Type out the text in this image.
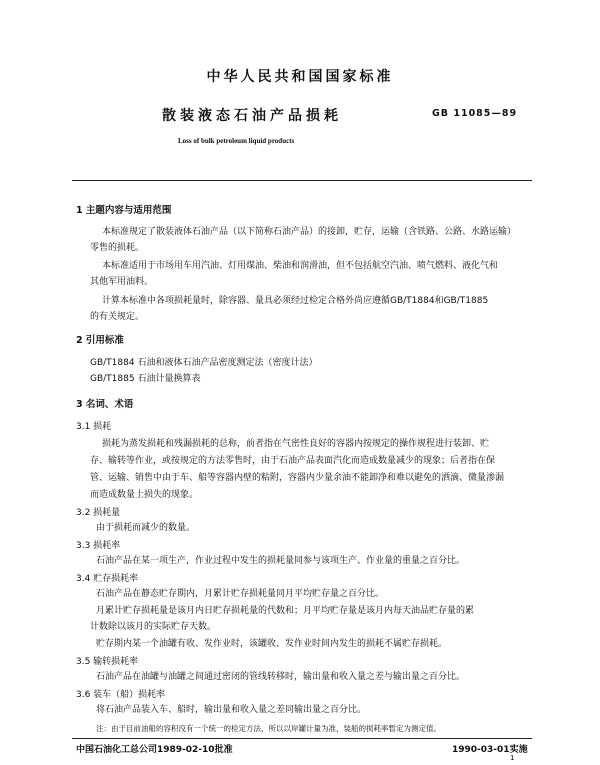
中华人民共和国国家标准
散装液态石油产品损耗	GB 11085—89
Loss of bulk petroleum liquid products
1 主题内容与适用范围
本标准规定了散装液体石油产品（以下简称石油产品）的接卸，贮存，运输（含铁路、公路、水路运输）
零售的损耗。
本标准适用于市场用车用汽油、灯用煤油、柴油和润滑油，但不包括航空汽油、喷气燃料、液化气和
其他军用油料。
计算本标准中各项损耗量时，除容器、量具必须经过检定合格外尚应遵循GB/T1884和GB/T1885
的有关规定。
2 引用标准
GB/T1884 石油和液体石油产品密度测定法（密度计法）
GB/T1885 石油计量换算表
3 名词、术语
3.1 损耗
损耗为蒸发损耗和残漏损耗的总称，前者指在气密性良好的容器内按规定的操作规程进行装卸、贮
存、输转等作业，或按规定的方法零售时，由于石油产品表面汽化而造成数量减少的现象；后者指在保
管、运输、销售中由于车、船等容器内壁的粘附，容器内少量余油不能卸净和难以避免的洒滴、微量渗漏
而造成数量上损失的现象。
3.2 损耗量
由于损耗而减少的数量。
3.3 损耗率
石油产品在某一项生产，作业过程中发生的损耗量同参与该项生产、作业量的重量之百分比。
3.4 贮存损耗率
石油产品在静态贮存期内，月累计贮存损耗量同月平均贮存量之百分比。
月累计贮存损耗量是该月内日贮存损耗量的代数和；月平均贮存量是该月内每天油品贮存量的累
计数除以该月的实际贮存天数。
贮存期内某一个油罐有收、发作业时，该罐收、发作业时间内发生的损耗不属贮存损耗。
3.5 输转损耗率
石油产品在油罐与油罐之间通过密闭的管线转移时，输出量和收入量之差与输出量之百分比。
3.6 装车（船）损耗率
将石油产品装入车、船时，输出量和收入量之差同输出量之百分比。
注：由于目前油船的容积没有一个统一的检定方法，所以以岸罐计量为准，装船的损耗率暂定为测定值。
中国石油化工总公司1989-02-10批准	1990-03-01实施
1
